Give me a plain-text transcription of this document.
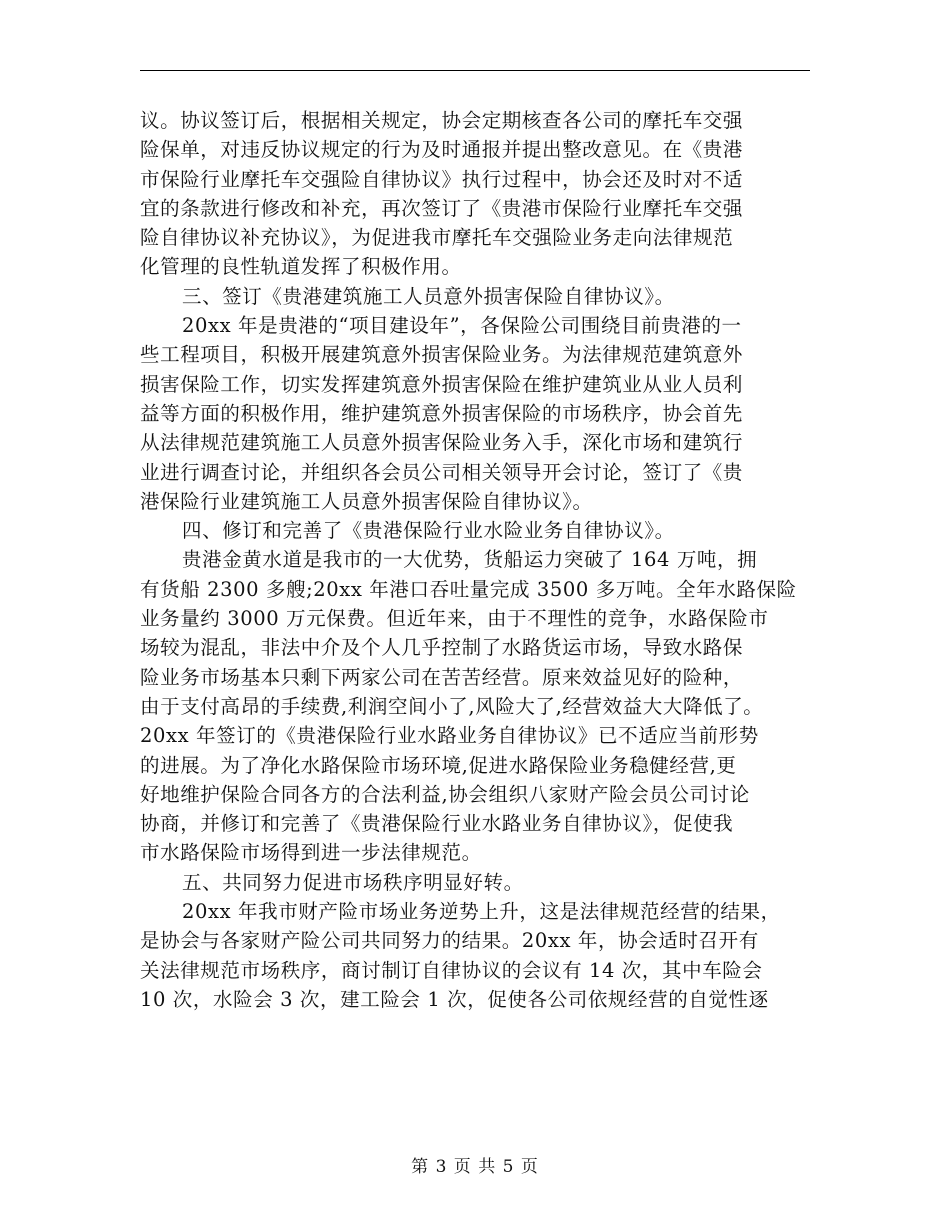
议。协议签订后，根据相关规定，协会定期核查各公司的摩托车交强
险保单，对违反协议规定的行为及时通报并提出整改意见。在《贵港
市保险行业摩托车交强险自律协议》执行过程中，协会还及时对不适
宜的条款进行修改和补充，再次签订了《贵港市保险行业摩托车交强
险自律协议补充协议》，为促进我市摩托车交强险业务走向法律规范
化管理的良性轨道发挥了积极作用。
三、签订《贵港建筑施工人员意外损害保险自律协议》。
20xx 年是贵港的“项目建设年”，各保险公司围绕目前贵港的一
些工程项目，积极开展建筑意外损害保险业务。为法律规范建筑意外
损害保险工作，切实发挥建筑意外损害保险在维护建筑业从业人员利
益等方面的积极作用，维护建筑意外损害保险的市场秩序，协会首先
从法律规范建筑施工人员意外损害保险业务入手，深化市场和建筑行
业进行调查讨论，并组织各会员公司相关领导开会讨论，签订了《贵
港保险行业建筑施工人员意外损害保险自律协议》。
四、修订和完善了《贵港保险行业水险业务自律协议》。
贵港金黄水道是我市的一大优势，货船运力突破了 164 万吨，拥
有货船 2300 多艘;20xx 年港口吞吐量完成 3500 多万吨。全年水路保险
业务量约 3000 万元保费。但近年来，由于不理性的竞争，水路保险市
场较为混乱，非法中介及个人几乎控制了水路货运市场，导致水路保
险业务市场基本只剩下两家公司在苦苦经营。原来效益见好的险种，
由于支付高昂的手续费,利润空间小了,风险大了,经营效益大大降低了。
20xx 年签订的《贵港保险行业水路业务自律协议》已不适应当前形势
的进展。为了净化水路保险市场环境,促进水路保险业务稳健经营,更
好地维护保险合同各方的合法利益,协会组织八家财产险会员公司讨论
协商，并修订和完善了《贵港保险行业水路业务自律协议》，促使我
市水路保险市场得到进一步法律规范。
五、共同努力促进市场秩序明显好转。
20xx 年我市财产险市场业务逆势上升，这是法律规范经营的结果，
是协会与各家财产险公司共同努力的结果。20xx 年，协会适时召开有
关法律规范市场秩序，商讨制订自律协议的会议有 14 次，其中车险会
10 次，水险会 3 次，建工险会 1 次，促使各公司依规经营的自觉性逐
第 3 页 共 5 页
